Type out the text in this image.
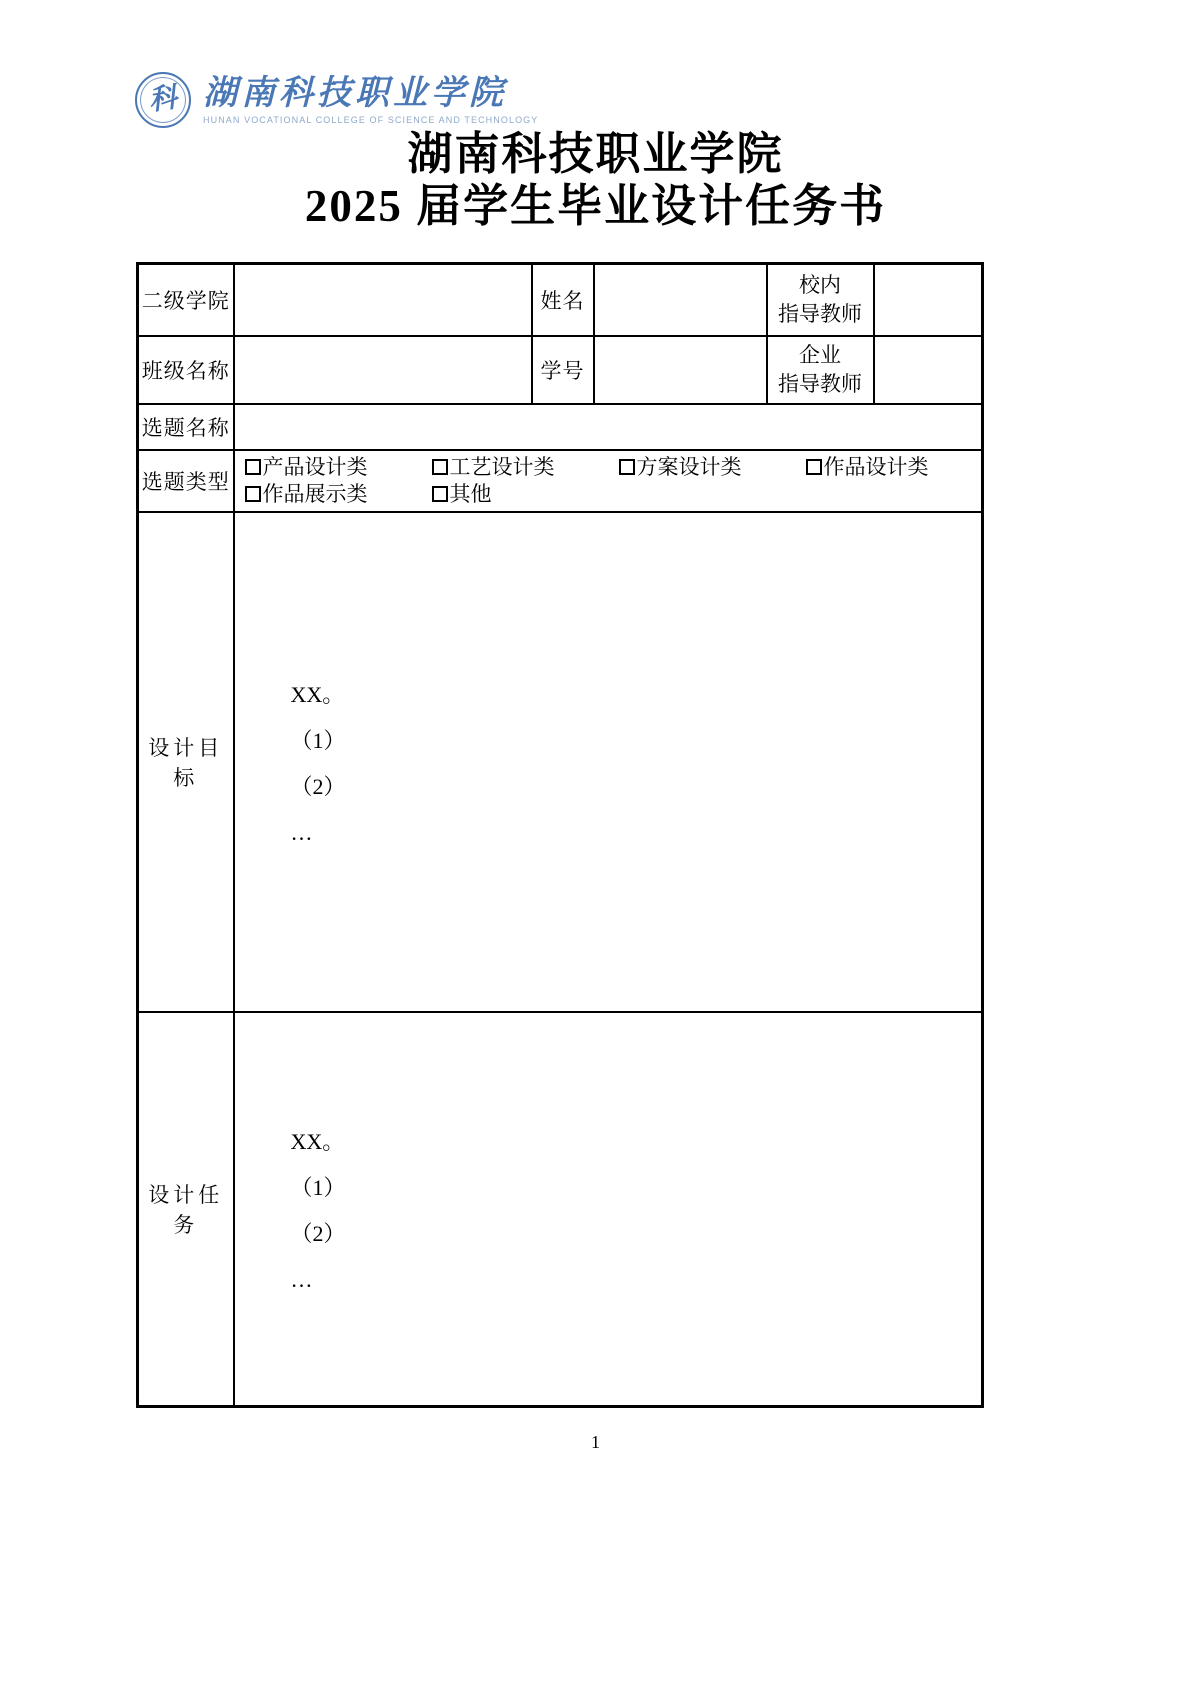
科 湖南科技职业学院
HUNAN VOCATIONAL COLLEGE OF SCIENCE AND TECHNOLOGY
湖南科技职业学院
2025 届学生毕业设计任务书
二级学院		姓名		校内
指导教师	

班级名称		学号		企业
指导教师	

选题名称					
选题类型	
产品设计类	工艺设计类	方案设计类	作品设计类
作品展示类	其他

设计目标	XX。
（1）
（2）
…				

设计任务	XX。
（1）
（2）
…				
1
